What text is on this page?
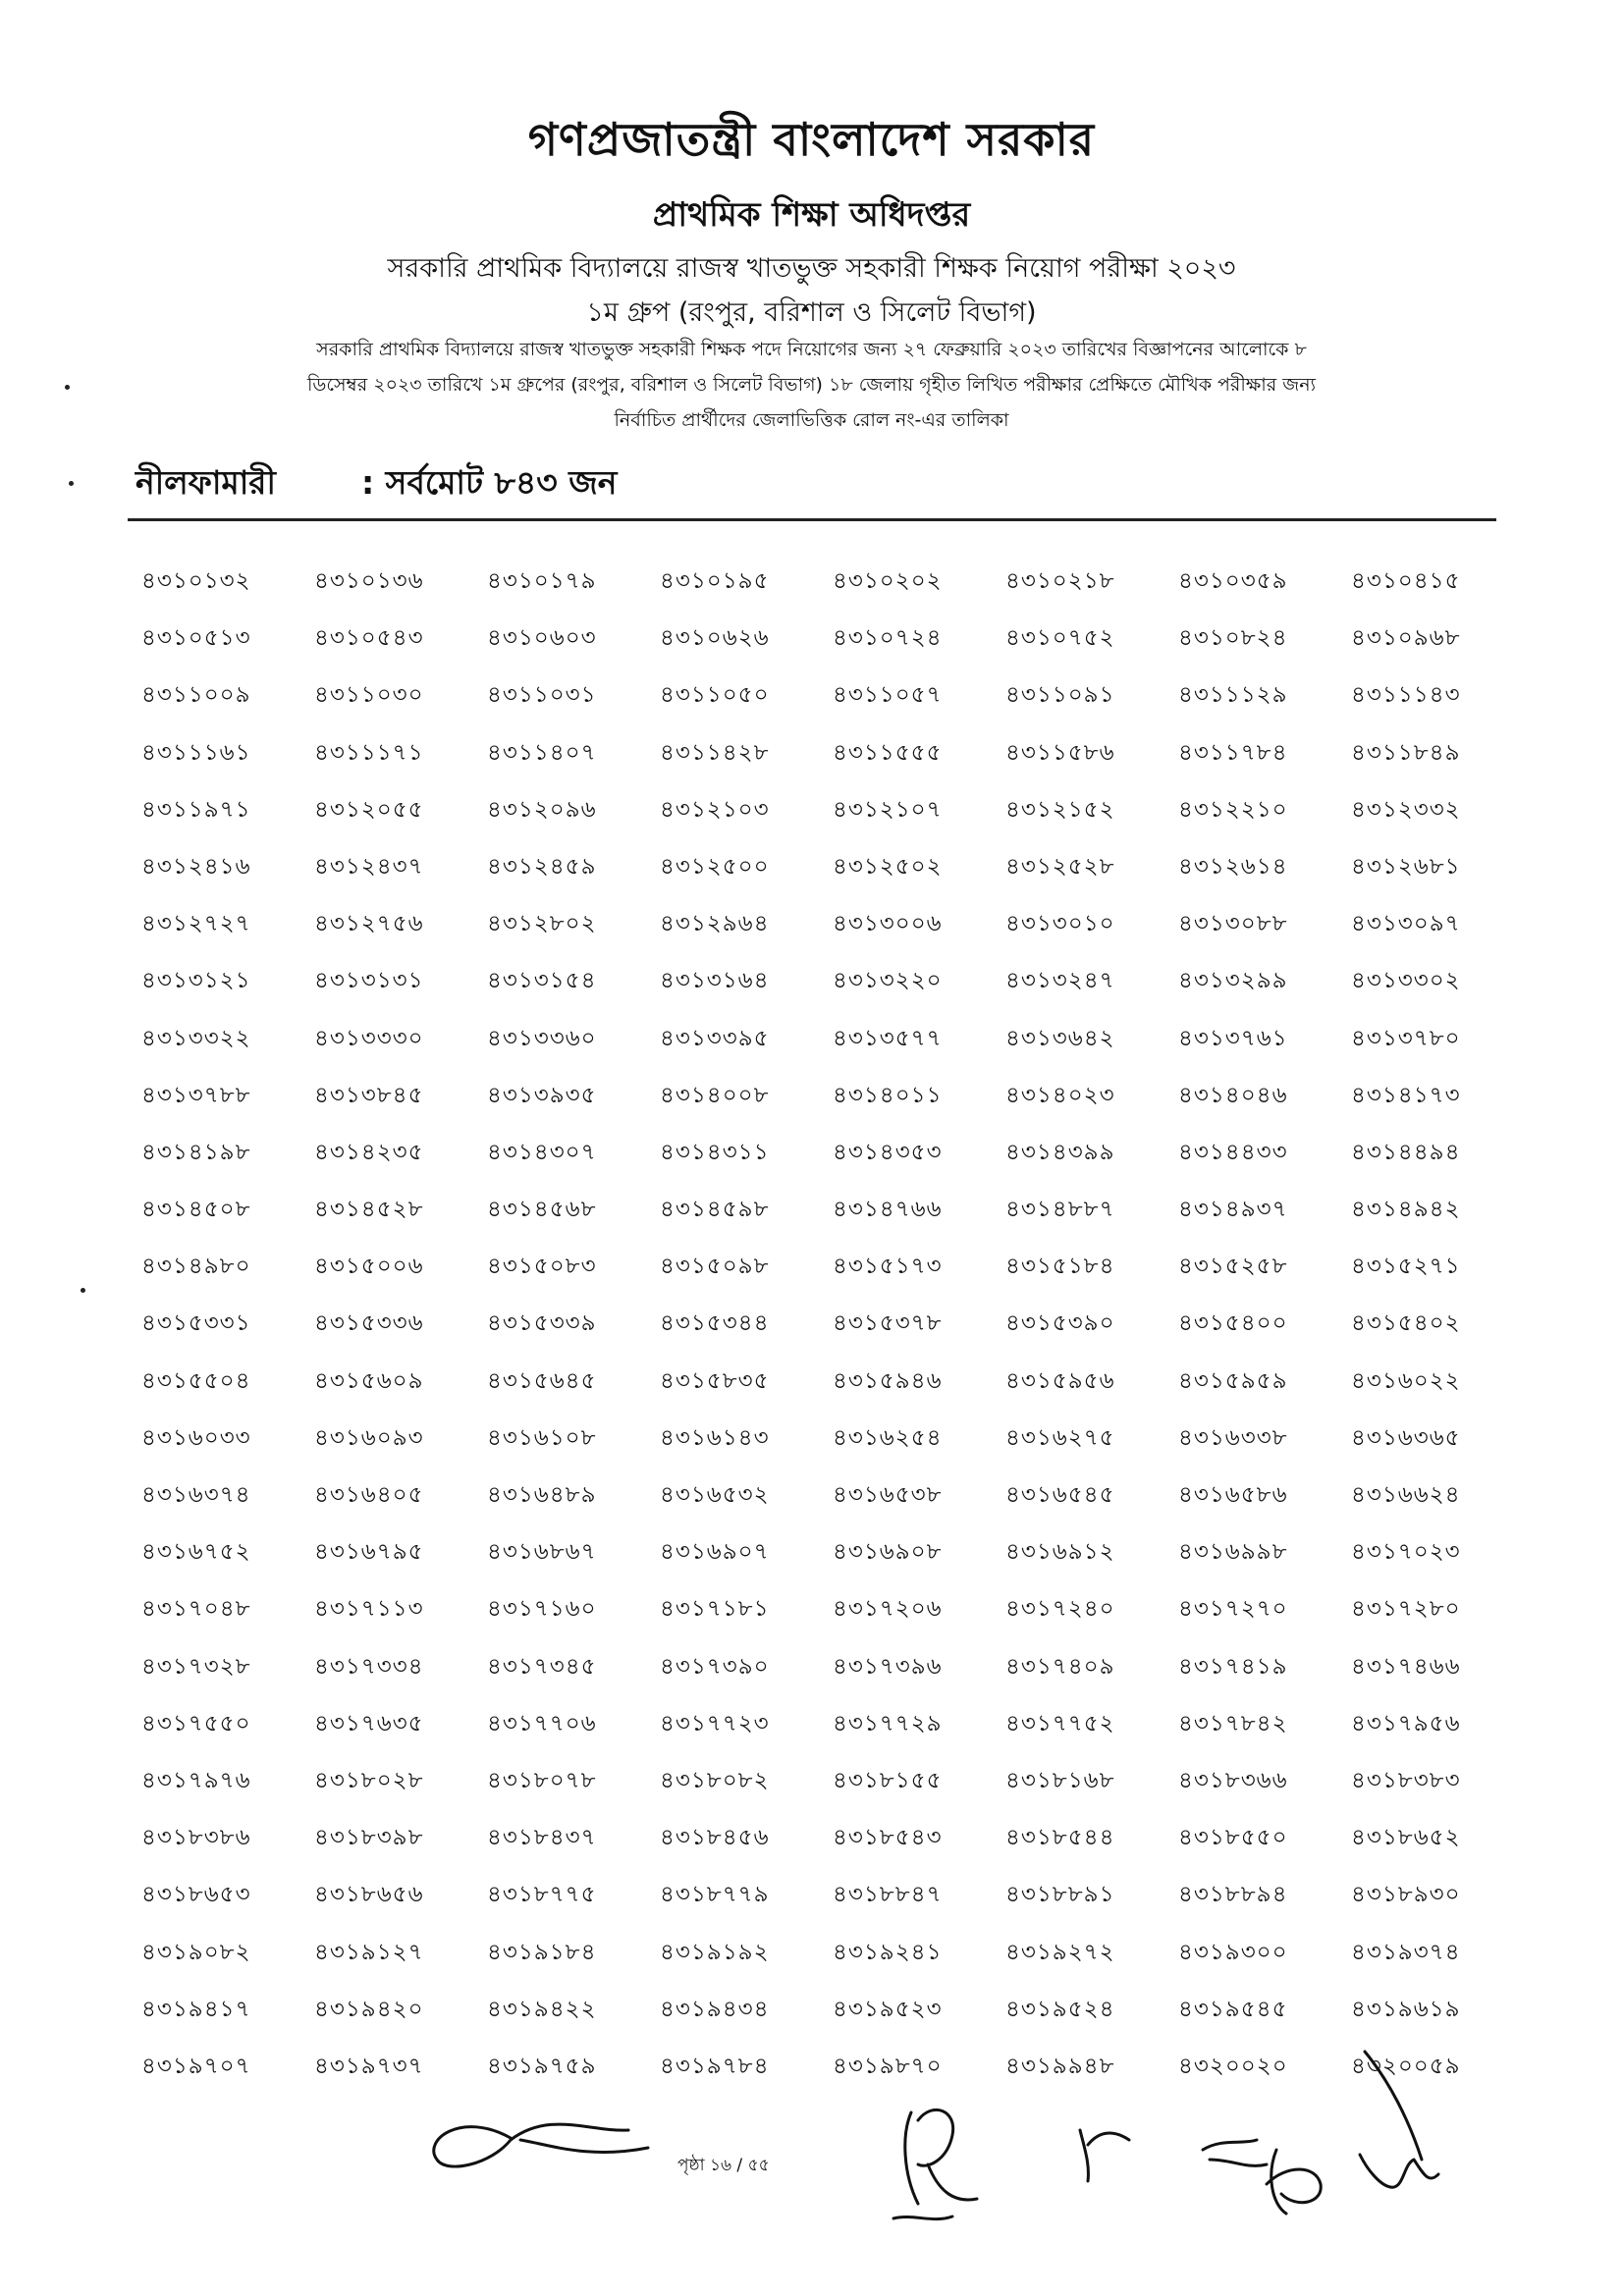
গণপ্রজাতন্ত্রী বাংলাদেশ সরকার
প্রাথমিক শিক্ষা অধিদপ্তর
সরকারি প্রাথমিক বিদ্যালয়ে রাজস্ব খাতভুক্ত সহকারী শিক্ষক নিয়োগ পরীক্ষা ২০২৩
১ম গ্রুপ (রংপুর, বরিশাল ও সিলেট বিভাগ)
সরকারি প্রাথমিক বিদ্যালয়ে রাজস্ব খাতভুক্ত সহকারী শিক্ষক পদে নিয়োগের জন্য ২৭ ফেব্রুয়ারি ২০২৩ তারিখের বিজ্ঞাপনের আলোকে ৮
ডিসেম্বর ২০২৩ তারিখে ১ম গ্রুপের (রংপুর, বরিশাল ও সিলেট বিভাগ) ১৮ জেলায় গৃহীত লিখিত পরীক্ষার প্রেক্ষিতে মৌখিক পরীক্ষার জন্য
নির্বাচিত প্রার্থীদের জেলাভিত্তিক রোল নং-এর তালিকা
নীলফামারী	: সর্বমোট ৮৪৩ জন
৪৩১০১৩২	৪৩১০১৩৬	৪৩১০১৭৯	৪৩১০১৯৫	৪৩১০২০২	৪৩১০২১৮	৪৩১০৩৫৯	৪৩১০৪১৫
৪৩১০৫১৩	৪৩১০৫৪৩	৪৩১০৬০৩	৪৩১০৬২৬	৪৩১০৭২৪	৪৩১০৭৫২	৪৩১০৮২৪	৪৩১০৯৬৮
৪৩১১০০৯	৪৩১১০৩০	৪৩১১০৩১	৪৩১১০৫০	৪৩১১০৫৭	৪৩১১০৯১	৪৩১১১২৯	৪৩১১১৪৩
৪৩১১১৬১	৪৩১১১৭১	৪৩১১৪০৭	৪৩১১৪২৮	৪৩১১৫৫৫	৪৩১১৫৮৬	৪৩১১৭৮৪	৪৩১১৮৪৯
৪৩১১৯৭১	৪৩১২০৫৫	৪৩১২০৯৬	৪৩১২১০৩	৪৩১২১০৭	৪৩১২১৫২	৪৩১২২১০	৪৩১২৩৩২
৪৩১২৪১৬	৪৩১২৪৩৭	৪৩১২৪৫৯	৪৩১২৫০০	৪৩১২৫০২	৪৩১২৫২৮	৪৩১২৬১৪	৪৩১২৬৮১
৪৩১২৭২৭	৪৩১২৭৫৬	৪৩১২৮০২	৪৩১২৯৬৪	৪৩১৩০০৬	৪৩১৩০১০	৪৩১৩০৮৮	৪৩১৩০৯৭
৪৩১৩১২১	৪৩১৩১৩১	৪৩১৩১৫৪	৪৩১৩১৬৪	৪৩১৩২২০	৪৩১৩২৪৭	৪৩১৩২৯৯	৪৩১৩৩০২
৪৩১৩৩২২	৪৩১৩৩৩০	৪৩১৩৩৬০	৪৩১৩৩৯৫	৪৩১৩৫৭৭	৪৩১৩৬৪২	৪৩১৩৭৬১	৪৩১৩৭৮০
৪৩১৩৭৮৮	৪৩১৩৮৪৫	৪৩১৩৯৩৫	৪৩১৪০০৮	৪৩১৪০১১	৪৩১৪০২৩	৪৩১৪০৪৬	৪৩১৪১৭৩
৪৩১৪১৯৮	৪৩১৪২৩৫	৪৩১৪৩০৭	৪৩১৪৩১১	৪৩১৪৩৫৩	৪৩১৪৩৯৯	৪৩১৪৪৩৩	৪৩১৪৪৯৪
৪৩১৪৫০৮	৪৩১৪৫২৮	৪৩১৪৫৬৮	৪৩১৪৫৯৮	৪৩১৪৭৬৬	৪৩১৪৮৮৭	৪৩১৪৯৩৭	৪৩১৪৯৪২
৪৩১৪৯৮০	৪৩১৫০০৬	৪৩১৫০৮৩	৪৩১৫০৯৮	৪৩১৫১৭৩	৪৩১৫১৮৪	৪৩১৫২৫৮	৪৩১৫২৭১
৪৩১৫৩৩১	৪৩১৫৩৩৬	৪৩১৫৩৩৯	৪৩১৫৩৪৪	৪৩১৫৩৭৮	৪৩১৫৩৯০	৪৩১৫৪০০	৪৩১৫৪০২
৪৩১৫৫০৪	৪৩১৫৬০৯	৪৩১৫৬৪৫	৪৩১৫৮৩৫	৪৩১৫৯৪৬	৪৩১৫৯৫৬	৪৩১৫৯৫৯	৪৩১৬০২২
৪৩১৬০৩৩	৪৩১৬০৯৩	৪৩১৬১০৮	৪৩১৬১৪৩	৪৩১৬২৫৪	৪৩১৬২৭৫	৪৩১৬৩৩৮	৪৩১৬৩৬৫
৪৩১৬৩৭৪	৪৩১৬৪০৫	৪৩১৬৪৮৯	৪৩১৬৫৩২	৪৩১৬৫৩৮	৪৩১৬৫৪৫	৪৩১৬৫৮৬	৪৩১৬৬২৪
৪৩১৬৭৫২	৪৩১৬৭৯৫	৪৩১৬৮৬৭	৪৩১৬৯০৭	৪৩১৬৯০৮	৪৩১৬৯১২	৪৩১৬৯৯৮	৪৩১৭০২৩
৪৩১৭০৪৮	৪৩১৭১১৩	৪৩১৭১৬০	৪৩১৭১৮১	৪৩১৭২০৬	৪৩১৭২৪০	৪৩১৭২৭০	৪৩১৭২৮০
৪৩১৭৩২৮	৪৩১৭৩৩৪	৪৩১৭৩৪৫	৪৩১৭৩৯০	৪৩১৭৩৯৬	৪৩১৭৪০৯	৪৩১৭৪১৯	৪৩১৭৪৬৬
৪৩১৭৫৫০	৪৩১৭৬৩৫	৪৩১৭৭০৬	৪৩১৭৭২৩	৪৩১৭৭২৯	৪৩১৭৭৫২	৪৩১৭৮৪২	৪৩১৭৯৫৬
৪৩১৭৯৭৬	৪৩১৮০২৮	৪৩১৮০৭৮	৪৩১৮০৮২	৪৩১৮১৫৫	৪৩১৮১৬৮	৪৩১৮৩৬৬	৪৩১৮৩৮৩
৪৩১৮৩৮৬	৪৩১৮৩৯৮	৪৩১৮৪৩৭	৪৩১৮৪৫৬	৪৩১৮৫৪৩	৪৩১৮৫৪৪	৪৩১৮৫৫০	৪৩১৮৬৫২
৪৩১৮৬৫৩	৪৩১৮৬৫৬	৪৩১৮৭৭৫	৪৩১৮৭৭৯	৪৩১৮৮৪৭	৪৩১৮৮৯১	৪৩১৮৮৯৪	৪৩১৮৯৩০
৪৩১৯০৮২	৪৩১৯১২৭	৪৩১৯১৮৪	৪৩১৯১৯২	৪৩১৯২৪১	৪৩১৯২৭২	৪৩১৯৩০০	৪৩১৯৩৭৪
৪৩১৯৪১৭	৪৩১৯৪২০	৪৩১৯৪২২	৪৩১৯৪৩৪	৪৩১৯৫২৩	৪৩১৯৫২৪	৪৩১৯৫৪৫	৪৩১৯৬১৯
৪৩১৯৭০৭	৪৩১৯৭৩৭	৪৩১৯৭৫৯	৪৩১৯৭৮৪	৪৩১৯৮৭০	৪৩১৯৯৪৮	৪৩২০০২০	৪৩২০০৫৯
পৃষ্ঠা ১৬ / ৫৫
